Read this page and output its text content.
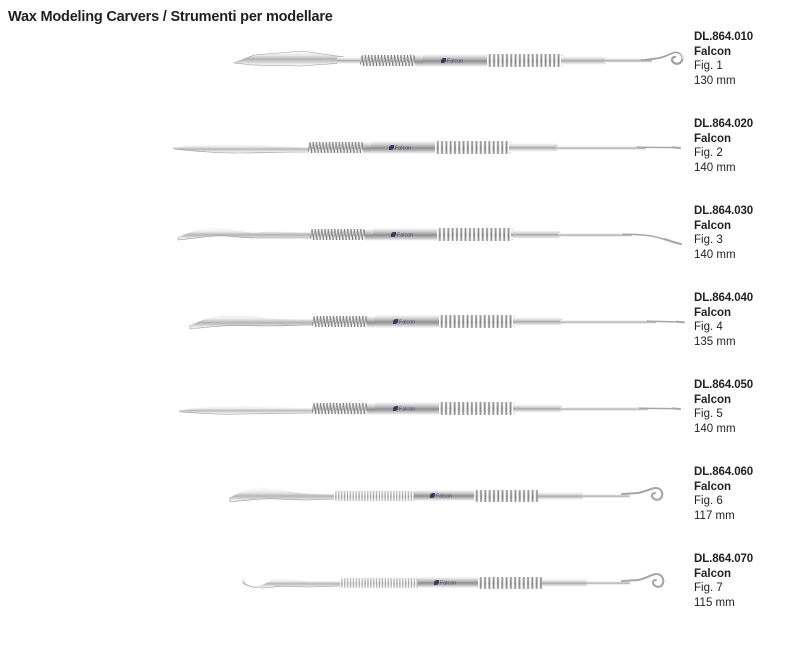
Wax Modeling Carvers / Strumenti per modellare
Falcon
DL.864.010
Falcon
Fig. 1
130 mm
Falcon
DL.864.020
Falcon
Fig. 2
140 mm
Falcon
DL.864.030
Falcon
Fig. 3
140 mm
Falcon
DL.864.040
Falcon
Fig. 4
135 mm
Falcon
DL.864.050
Falcon
Fig. 5
140 mm
Falcon
DL.864.060
Falcon
Fig. 6
117 mm
Falcon
DL.864.070
Falcon
Fig. 7
115 mm
